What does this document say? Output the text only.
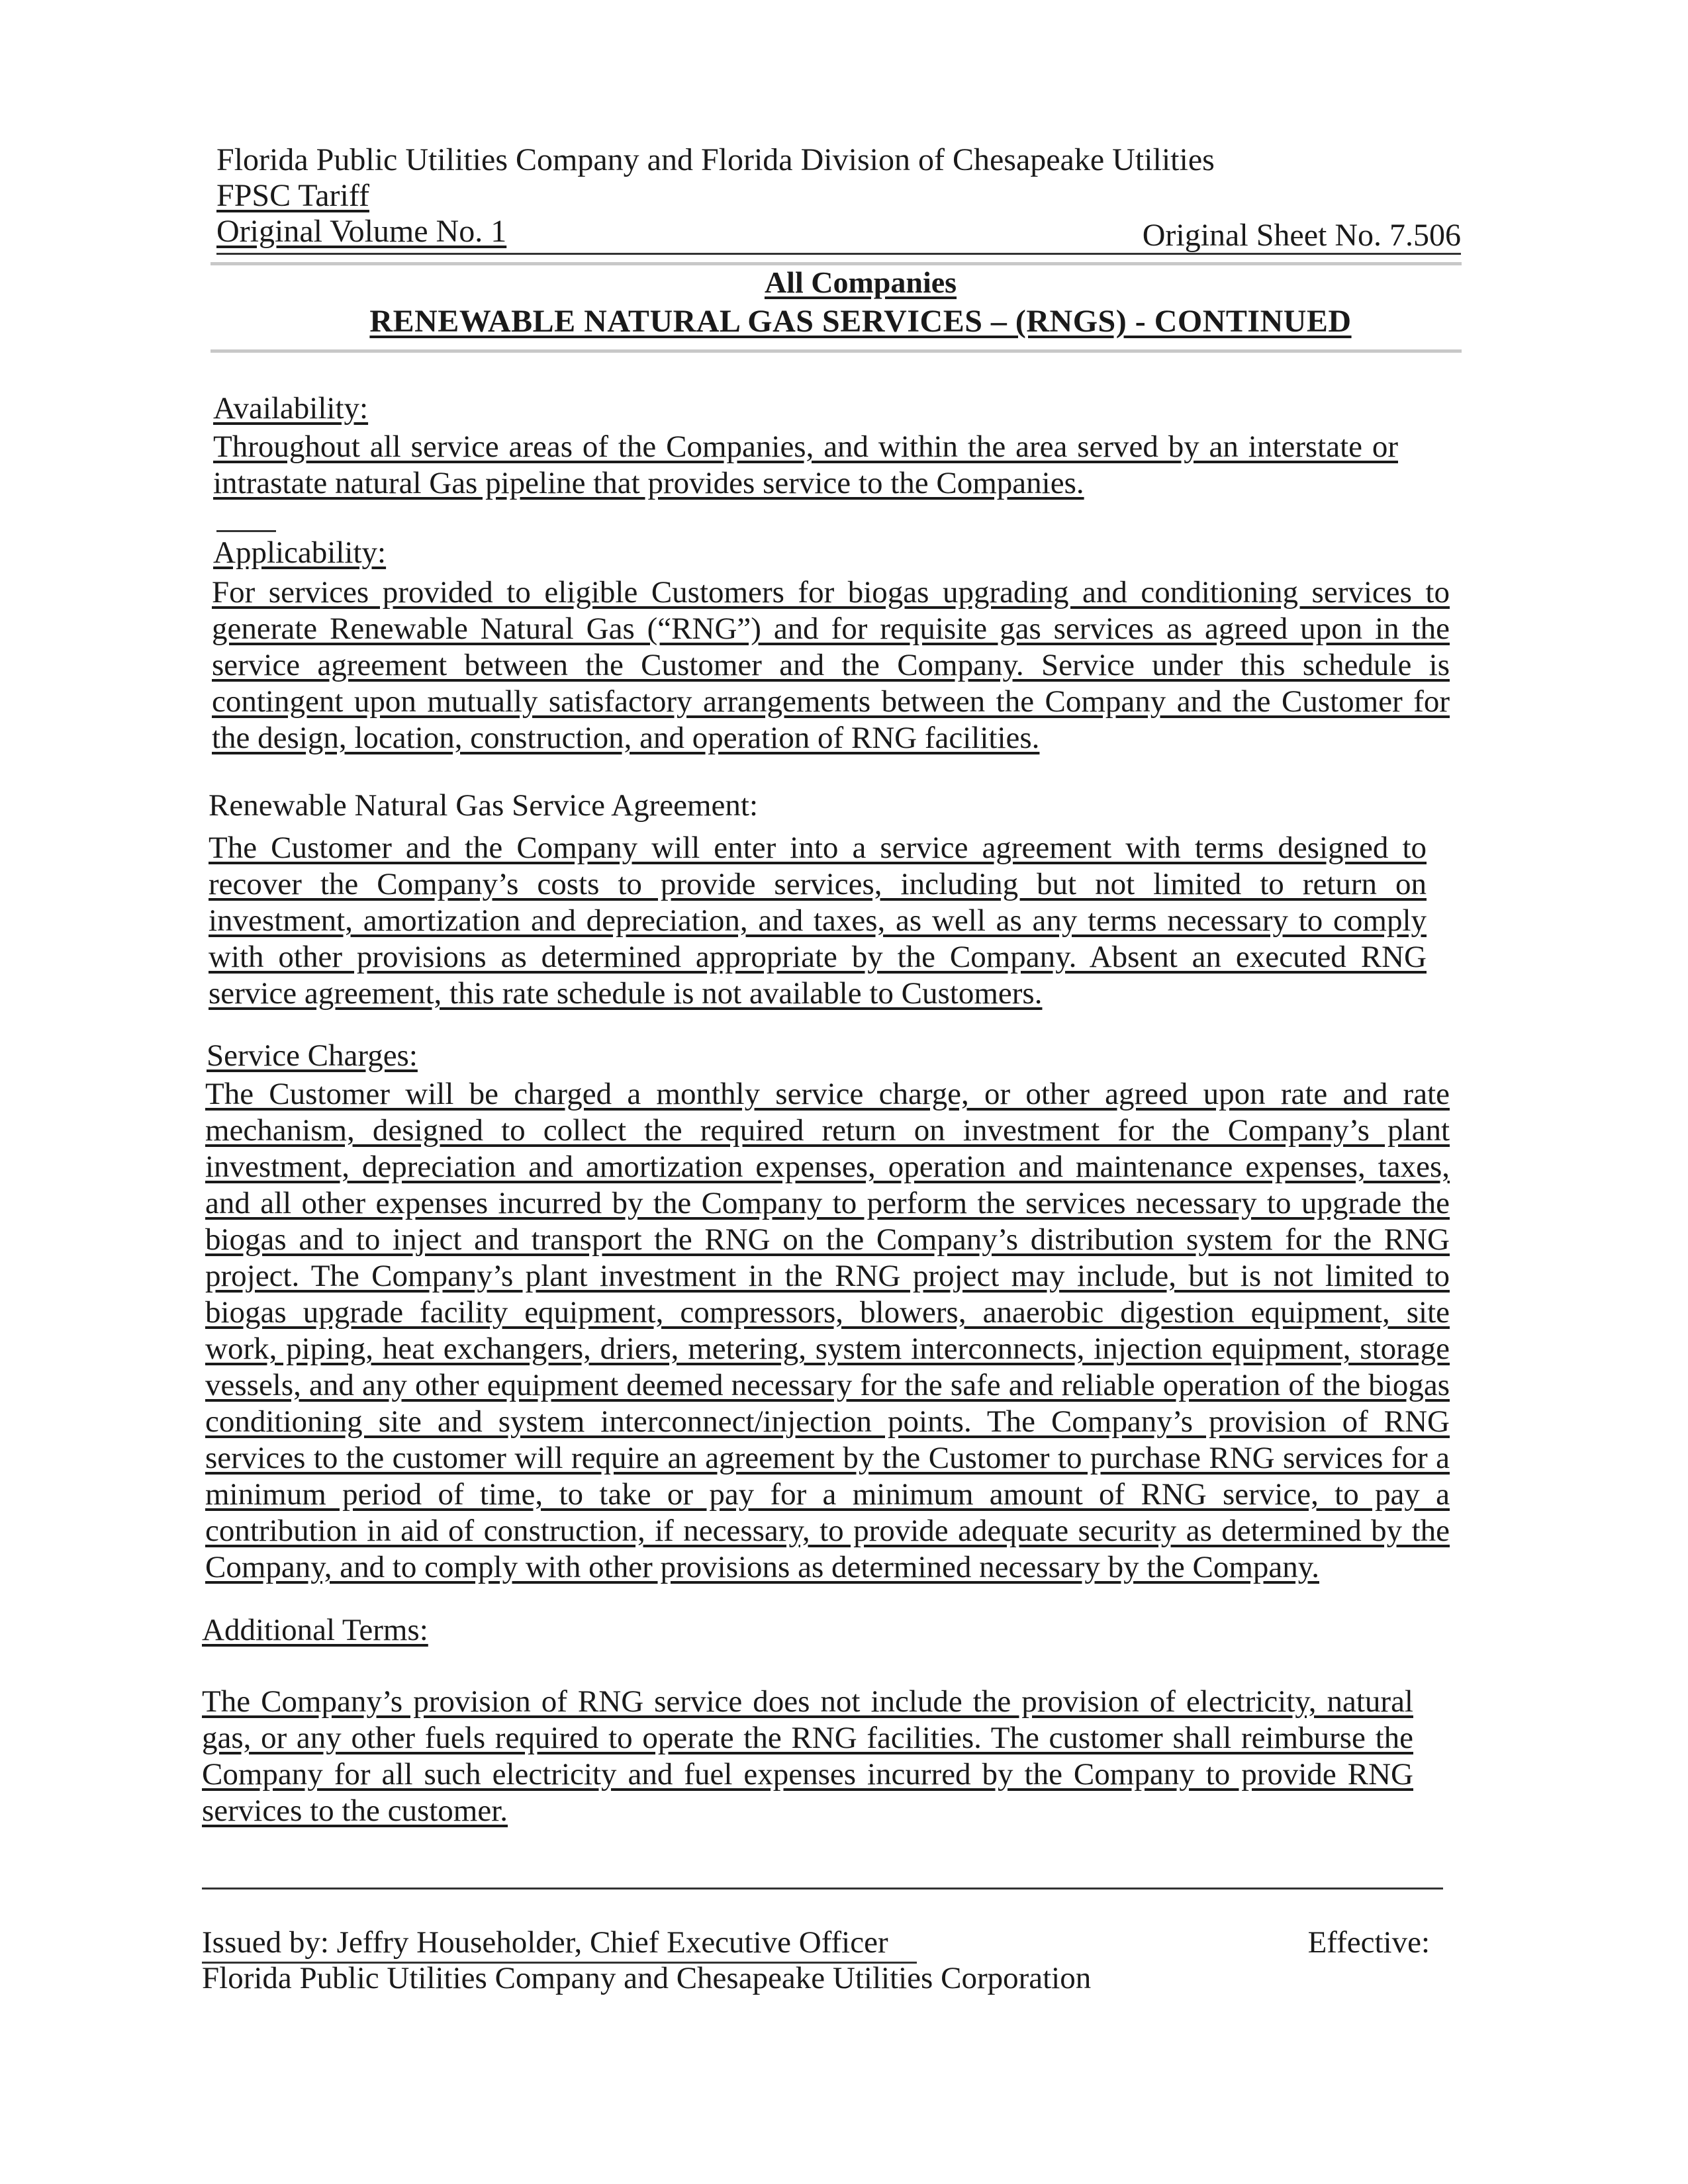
Florida Public Utilities Company and Florida Division of Chesapeake Utilities
FPSC Tariff
Original Volume No. 1	Original Sheet No. 7.506
All Companies
RENEWABLE NATURAL GAS SERVICES – (RNGS) - CONTINUED
Availability:
Throughout all service areas of the Companies, and within the area served by an interstate or intrastate natural Gas pipeline that provides service to the Companies.
Applicability:
For services provided to eligible Customers for biogas upgrading and conditioning services to generate Renewable Natural Gas (“RNG”) and for requisite gas services as agreed upon in the service agreement between the Customer and the Company. Service under this schedule is contingent upon mutually satisfactory arrangements between the Company and the Customer for the design, location, construction, and operation of RNG facilities.
Renewable Natural Gas Service Agreement:
The Customer and the Company will enter into a service agreement with terms designed to recover the Company’s costs to provide services, including but not limited to return on investment, amortization and depreciation, and taxes, as well as any terms necessary to comply with other provisions as determined appropriate by the Company. Absent an executed RNG service agreement, this rate schedule is not available to Customers.
Service Charges:
The Customer will be charged a monthly service charge, or other agreed upon rate and rate mechanism, designed to collect the required return on investment for the Company’s plant investment, depreciation and amortization expenses, operation and maintenance expenses, taxes, and all other expenses incurred by the Company to perform the services necessary to upgrade the biogas and to inject and transport the RNG on the Company’s distribution system for the RNG project. The Company’s plant investment in the RNG project may include, but is not limited to biogas upgrade facility equipment, compressors, blowers, anaerobic digestion equipment, site work, piping, heat exchangers, driers, metering, system interconnects, injection equipment, storage vessels, and any other equipment deemed necessary for the safe and reliable operation of the biogas conditioning site and system interconnect/injection points. The Company’s provision of RNG services to the customer will require an agreement by the Customer to purchase RNG services for a minimum period of time, to take or pay for a minimum amount of RNG service, to pay a contribution in aid of construction, if necessary, to provide adequate security as determined by the Company, and to comply with other provisions as determined necessary by the Company.
Additional Terms:
The Company’s provision of RNG service does not include the provision of electricity, natural gas, or any other fuels required to operate the RNG facilities. The customer shall reimburse the Company for all such electricity and fuel expenses incurred by the Company to provide RNG services to the customer.
Issued by: Jeffry Householder, Chief Executive Officer	Effective:
Florida Public Utilities Company and Chesapeake Utilities Corporation
